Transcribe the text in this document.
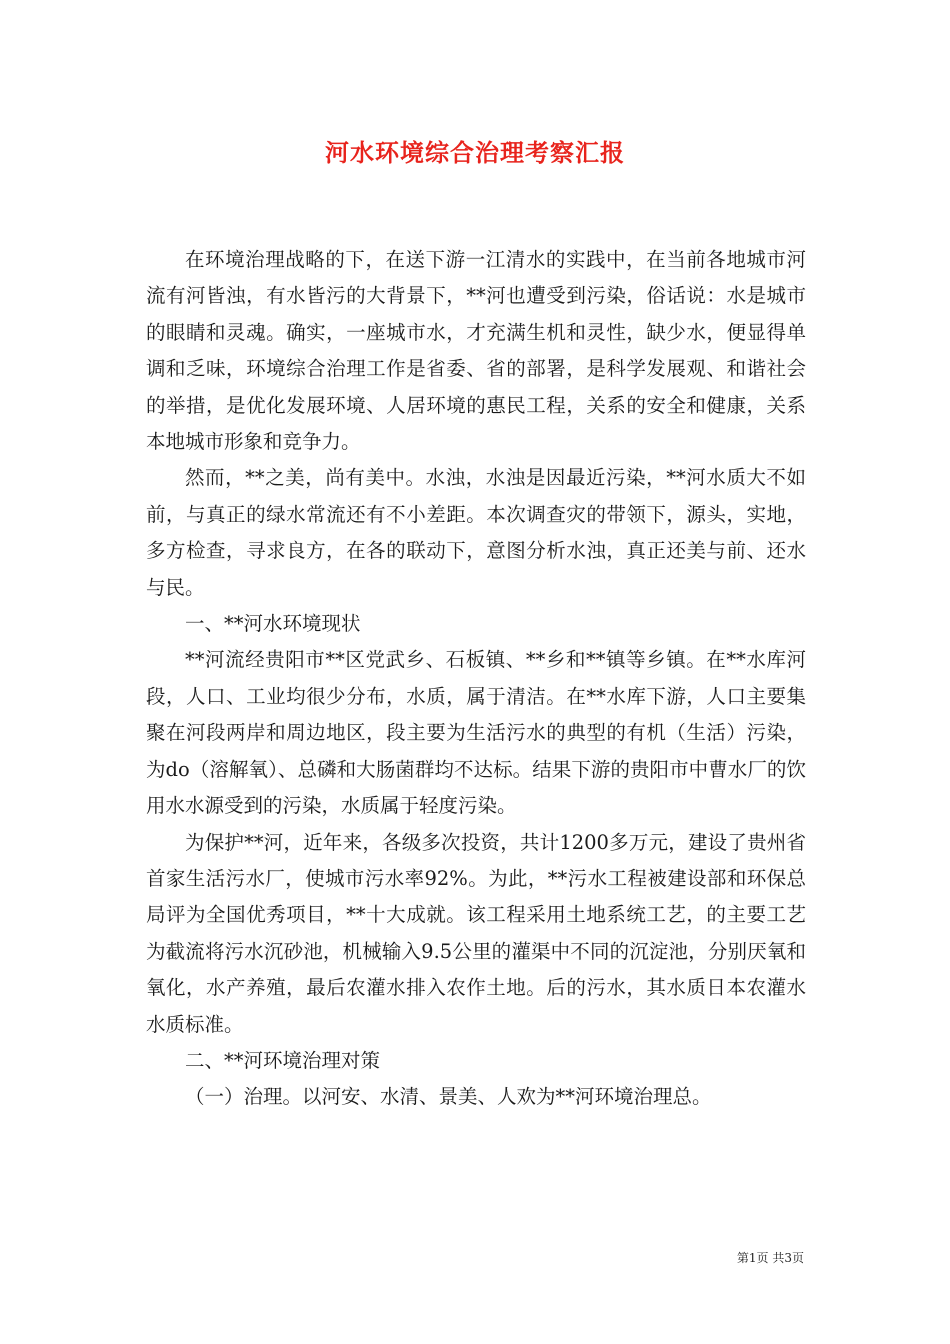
河水环境综合治理考察汇报

在环境治理战略的下，在送下游一江清水的实践中，在当前各地城市河流有河皆浊，有水皆污的大背景下，**河也遭受到污染，俗话说：水是城市的眼睛和灵魂。确实，一座城市水，才充满生机和灵性，缺少水，便显得单调和乏味，环境综合治理工作是省委、省的部署，是科学发展观、和谐社会的举措，是优化发展环境、人居环境的惠民工程，关系的安全和健康，关系本地城市形象和竞争力。

然而，**之美，尚有美中。水浊，水浊是因最近污染，**河水质大不如前，与真正的绿水常流还有不小差距。本次调查灾的带领下，源头，实地，多方检查，寻求良方，在各的联动下，意图分析水浊，真正还美与前、还水与民。

一、**河水环境现状

**河流经贵阳市**区党武乡、石板镇、**乡和**镇等乡镇。在**水库河段，人口、工业均很少分布，水质，属于清洁。在**水库下游，人口主要集聚在河段两岸和周边地区，段主要为生活污水的典型的有机（生活）污染，为do（溶解氧）、总磷和大肠菌群均不达标。结果下游的贵阳市中曹水厂的饮用水水源受到的污染，水质属于轻度污染。

为保护**河，近年来，各级多次投资，共计1200多万元，建设了贵州省首家生活污水厂，使城市污水率92%。为此，**污水工程被建设部和环保总局评为全国优秀项目，**十大成就。该工程采用土地系统工艺，的主要工艺为截流将污水沉砂池，机械输入9.5公里的灌渠中不同的沉淀池，分别厌氧和氧化，水产养殖，最后农灌水排入农作土地。后的污水，其水质日本农灌水水质标准。

二、**河环境治理对策

（一）治理。以河安、水清、景美、人欢为**河环境治理总。

第1页 共3页
